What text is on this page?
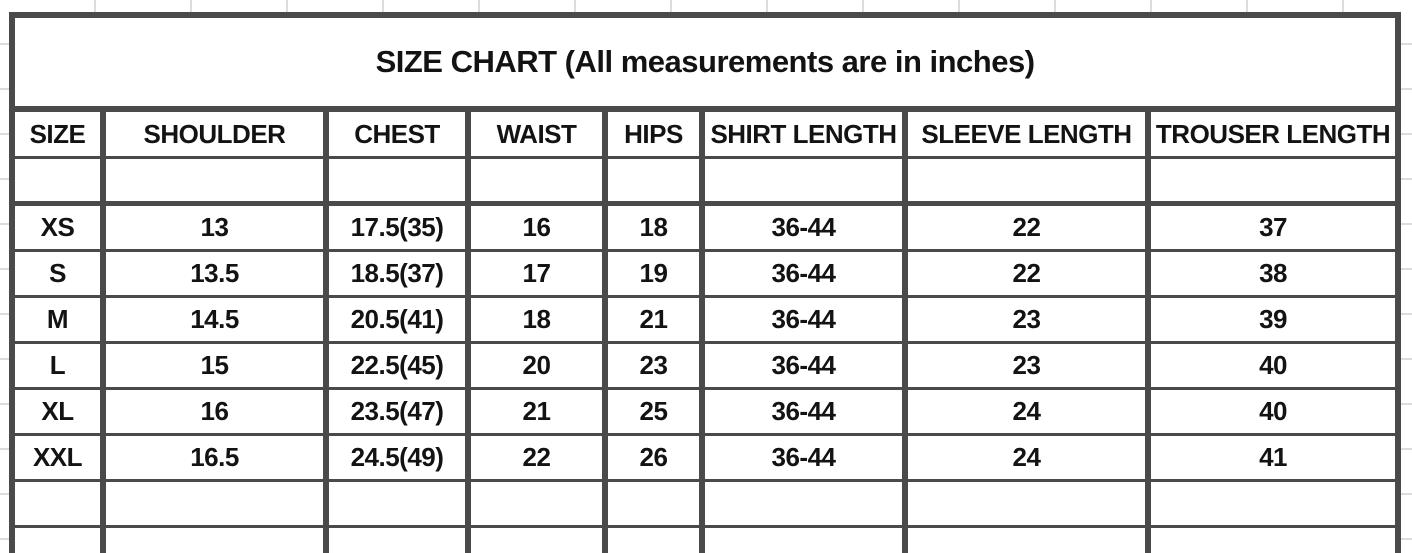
SIZE CHART (All measurements are in inches)							
SIZE	SHOULDER	CHEST	WAIST	HIPS	SHIRT LENGTH	SLEEVE LENGTH	TROUSER LENGTH

XS	13	17.5(35)	16	18	36-44	22	37
S	13.5	18.5(37)	17	19	36-44	22	38
M	14.5	20.5(41)	18	21	36-44	23	39
L	15	22.5(45)	20	23	36-44	23	40
XL	16	23.5(47)	21	25	36-44	24	40
XXL	16.5	24.5(49)	22	26	36-44	24	41
